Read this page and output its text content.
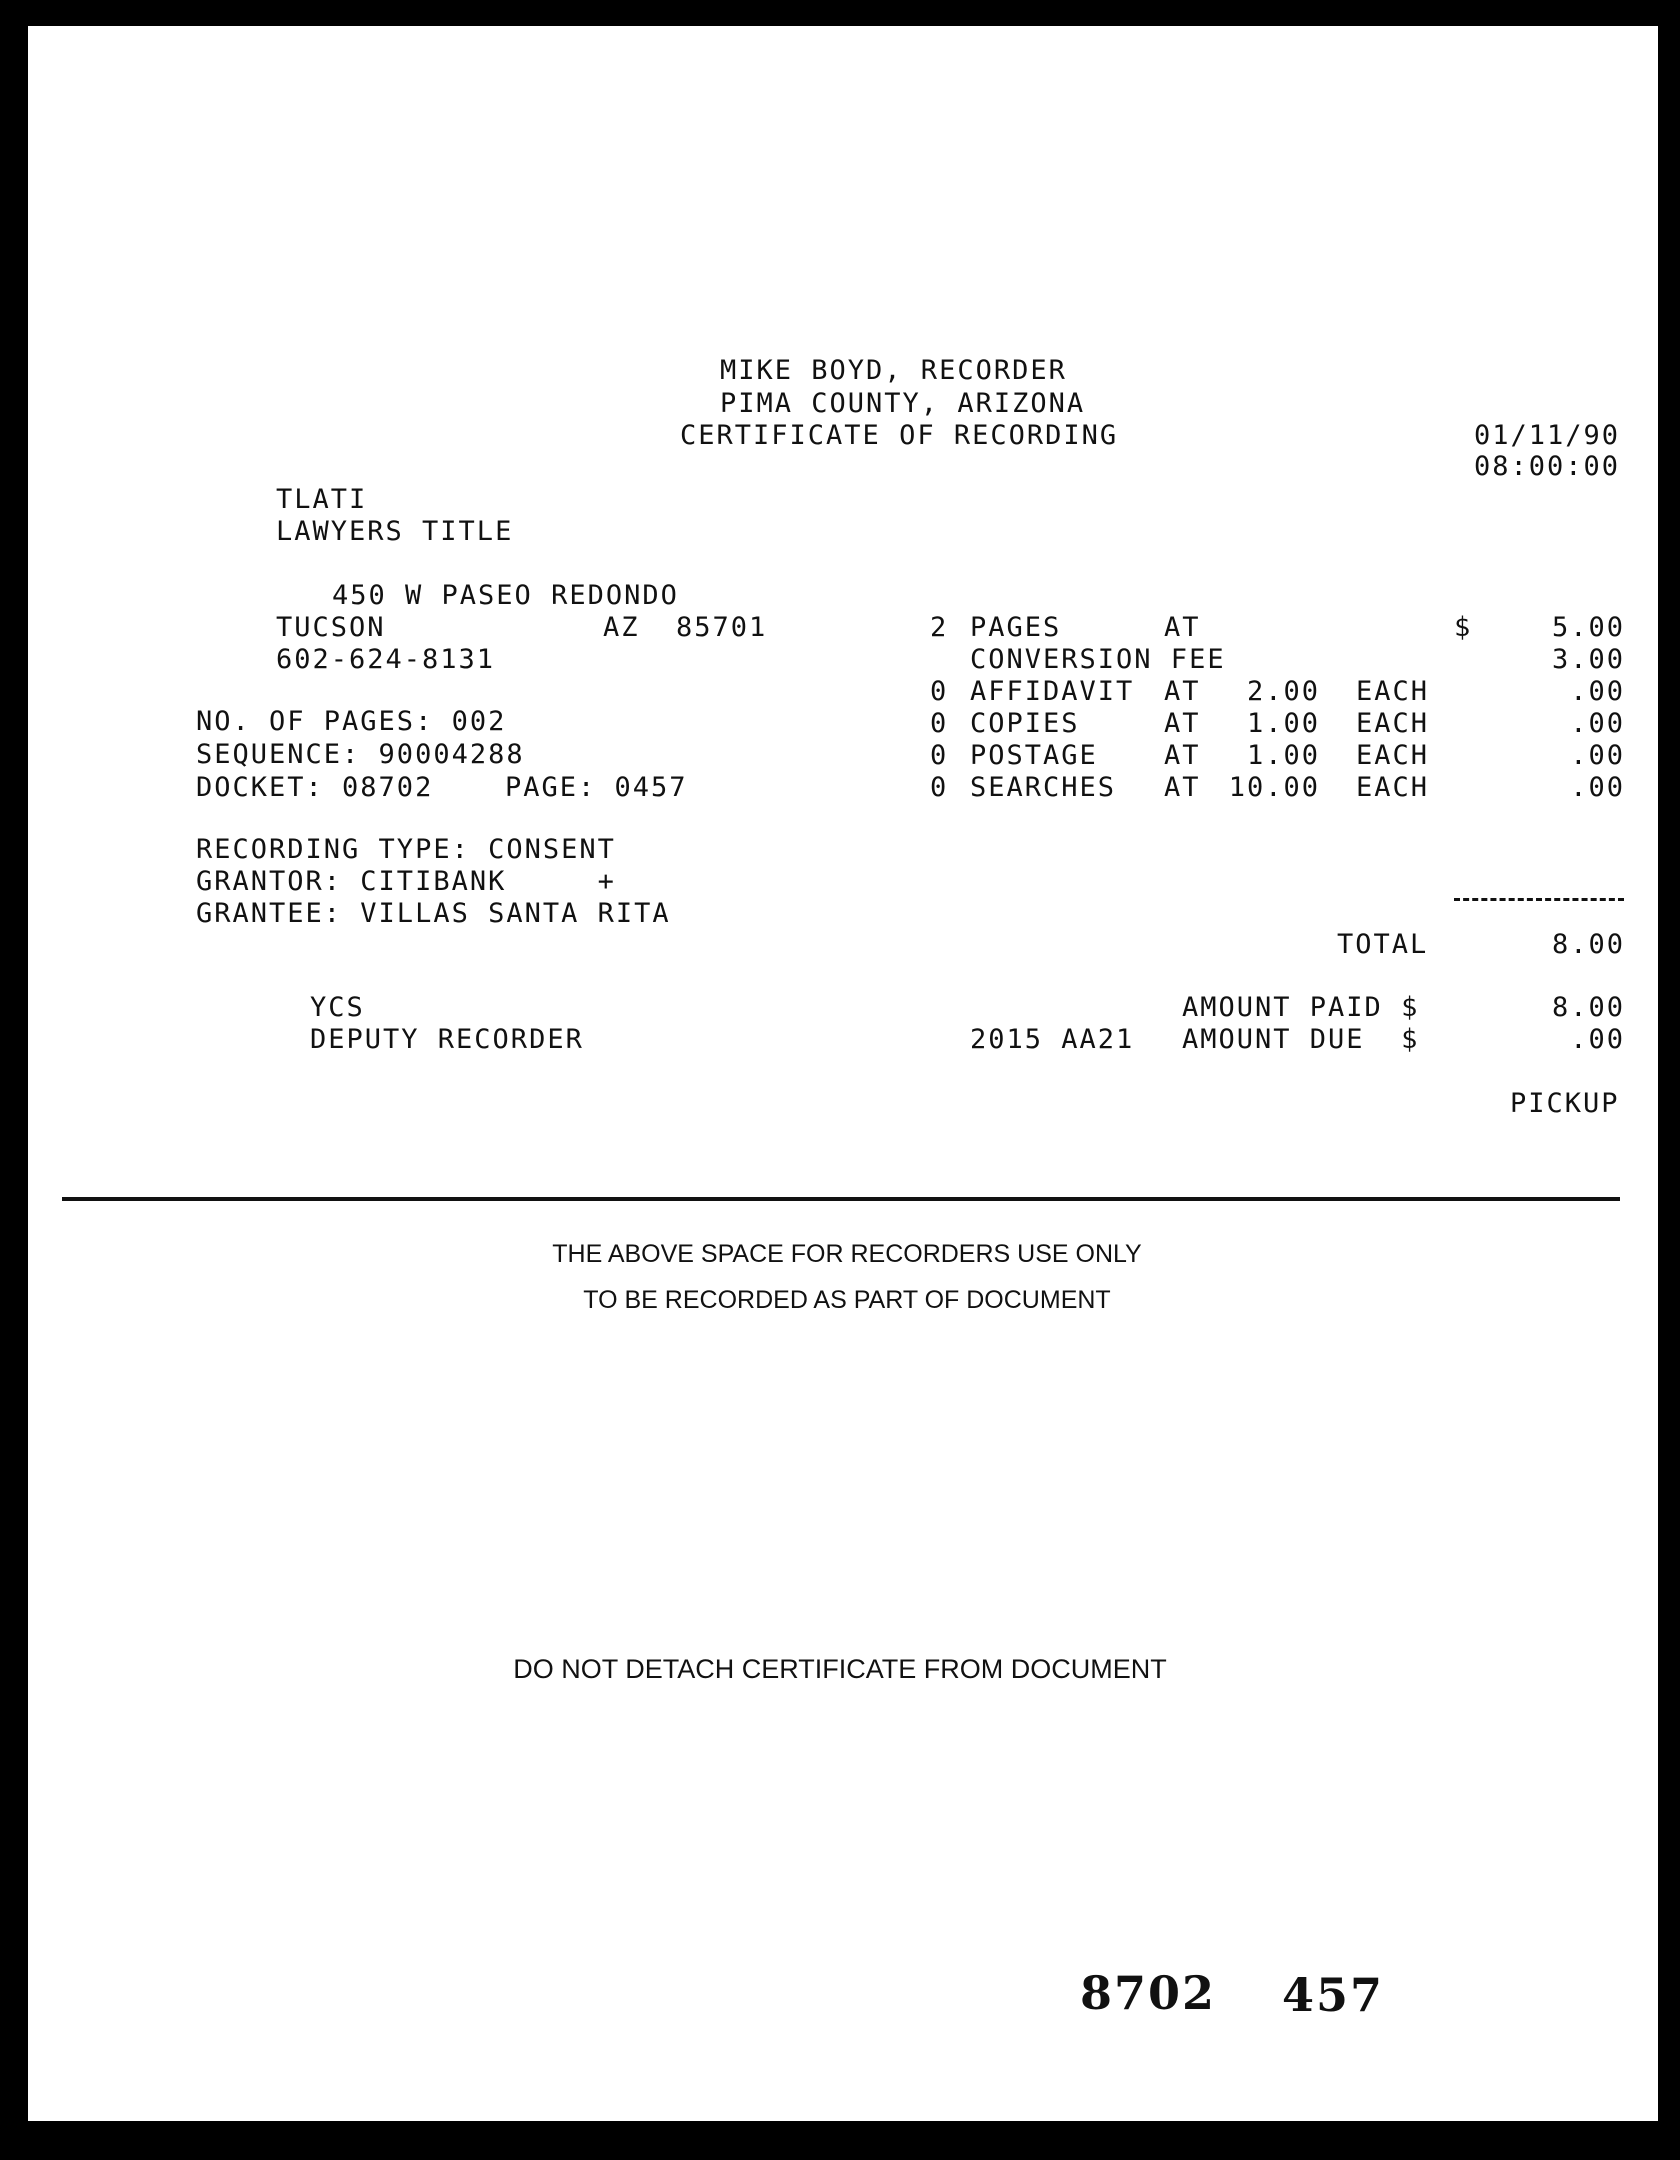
MIKE BOYD, RECORDER
PIMA COUNTY, ARIZONA
CERTIFICATE OF RECORDING	01/11/90
08:00:00
TLATI
LAWYERS TITLE
450 W PASEO REDONDO
TUCSON	AZ  85701
602-624-8131
NO. OF PAGES: 002
SEQUENCE: 90004288
DOCKET: 08702	PAGE: 0457
RECORDING TYPE: CONSENT
GRANTOR: CITIBANK     +
GRANTEE: VILLAS SANTA RITA
2 PAGES	AT	$	5.00
CONVERSION FEE	3.00
0 AFFIDAVIT AT	2.00 EACH	.00
0 COPIES	AT	1.00 EACH	.00
0 POSTAGE AT	1.00 EACH	.00
0 SEARCHES AT	10.00 EACH	.00
TOTAL	8.00
YCS
DEPUTY RECORDER
AMOUNT PAID $	8.00
2015 AA21 AMOUNT DUE  $	.00
PICKUP
THE ABOVE SPACE FOR RECORDERS USE ONLY
TO BE RECORDED AS PART OF DOCUMENT
DO NOT DETACH CERTIFICATE FROM DOCUMENT
8702 457
